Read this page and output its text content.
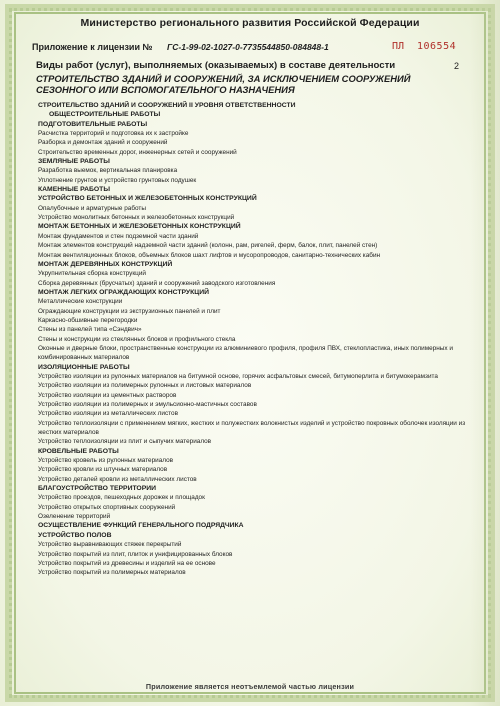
Министерство регионального развития Российской Федерации
Приложение к лицензии № ГС-1-99-02-1027-0-7735544850-084848-1	ПЛ 106554
Виды работ (услуг), выполняемых (оказываемых) в составе деятельности	2
СТРОИТЕЛЬСТВО ЗДАНИЙ И СООРУЖЕНИЙ, ЗА ИСКЛЮЧЕНИЕМ СООРУЖЕНИЙ СЕЗОННОГО ИЛИ ВСПОМОГАТЕЛЬНОГО НАЗНАЧЕНИЯ
СТРОИТЕЛЬСТВО ЗДАНИЙ И СООРУЖЕНИЙ II УРОВНЯ ОТВЕТСТВЕННОСТИ
ОБЩЕСТРОИТЕЛЬНЫЕ РАБОТЫ
ПОДГОТОВИТЕЛЬНЫЕ РАБОТЫ
Расчистка территорий и подготовка их к застройке
Разборка и демонтаж зданий и сооружений
Строительство временных дорог, инженерных сетей и сооружений
ЗЕМЛЯНЫЕ РАБОТЫ
Разработка выемок, вертикальная планировка
Уплотнение грунтов и устройство грунтовых подушек
КАМЕННЫЕ РАБОТЫ
УСТРОЙСТВО БЕТОННЫХ И ЖЕЛЕЗОБЕТОННЫХ КОНСТРУКЦИЙ
Опалубочные и арматурные работы
Устройство монолитных бетонных и железобетонных конструкций
МОНТАЖ БЕТОННЫХ И ЖЕЛЕЗОБЕТОННЫХ КОНСТРУКЦИЙ
Монтаж фундаментов и стен подземной части зданий
Монтаж элементов конструкций надземной части зданий (колонн, рам, ригелей, ферм, балок, плит, панелей стен)
Монтаж вентиляционных блоков, объемных блоков шахт лифтов и мусоропроводов, санитарно-технических кабин
МОНТАЖ ДЕРЕВЯННЫХ КОНСТРУКЦИЙ
Укрупнительная сборка конструкций
Сборка деревянных (брусчатых) зданий и сооружений заводского изготовления
МОНТАЖ ЛЕГКИХ ОГРАЖДАЮЩИХ КОНСТРУКЦИЙ
Металлические конструкции
Ограждающие конструкции из экструзионных панелей и плит
Каркасно-обшивные перегородки
Стены из панелей типа «Сэндвич»
Стены и конструкции из стеклянных блоков и профильного стекла
Оконные и дверные блоки, пространственные конструкции из алюминиевого профиля, профиля ПВХ, стеклопластика, иных полимерных и комбинированных материалов
ИЗОЛЯЦИОННЫЕ РАБОТЫ
Устройство изоляции из рулонных материалов на битумной основе, горячих асфальтовых смесей, битумоперлита и битумокерамзита
Устройство изоляции из полимерных рулонных и листовых материалов
Устройство изоляции из цементных растворов
Устройство изоляции из полимерных и эмульсионно-мастичных составов
Устройство изоляции из металлических листов
Устройство теплоизоляции с применением мягких, жестких и полужестких волокнистых изделий и устройство покровных оболочек изоляции из жестких материалов
Устройство теплоизоляции из плит и сыпучих материалов
КРОВЕЛЬНЫЕ РАБОТЫ
Устройство кровель из рулонных материалов
Устройство кровли из штучных материалов
Устройство деталей кровли из металлических листов
БЛАГОУСТРОЙСТВО ТЕРРИТОРИИ
Устройство проездов, пешеходных дорожек и площадок
Устройство открытых спортивных сооружений
Озеленение территорий
ОСУЩЕСТВЛЕНИЕ ФУНКЦИЙ ГЕНЕРАЛЬНОГО ПОДРЯДЧИКА
УСТРОЙСТВО ПОЛОВ
Устройство выравнивающих стяжек перекрытий
Устройство покрытий из плит, плиток и унифицированных блоков
Устройство покрытий из древесины и изделий на ее основе
Устройство покрытий из полимерных материалов
Приложение является неотъемлемой частью лицензии
